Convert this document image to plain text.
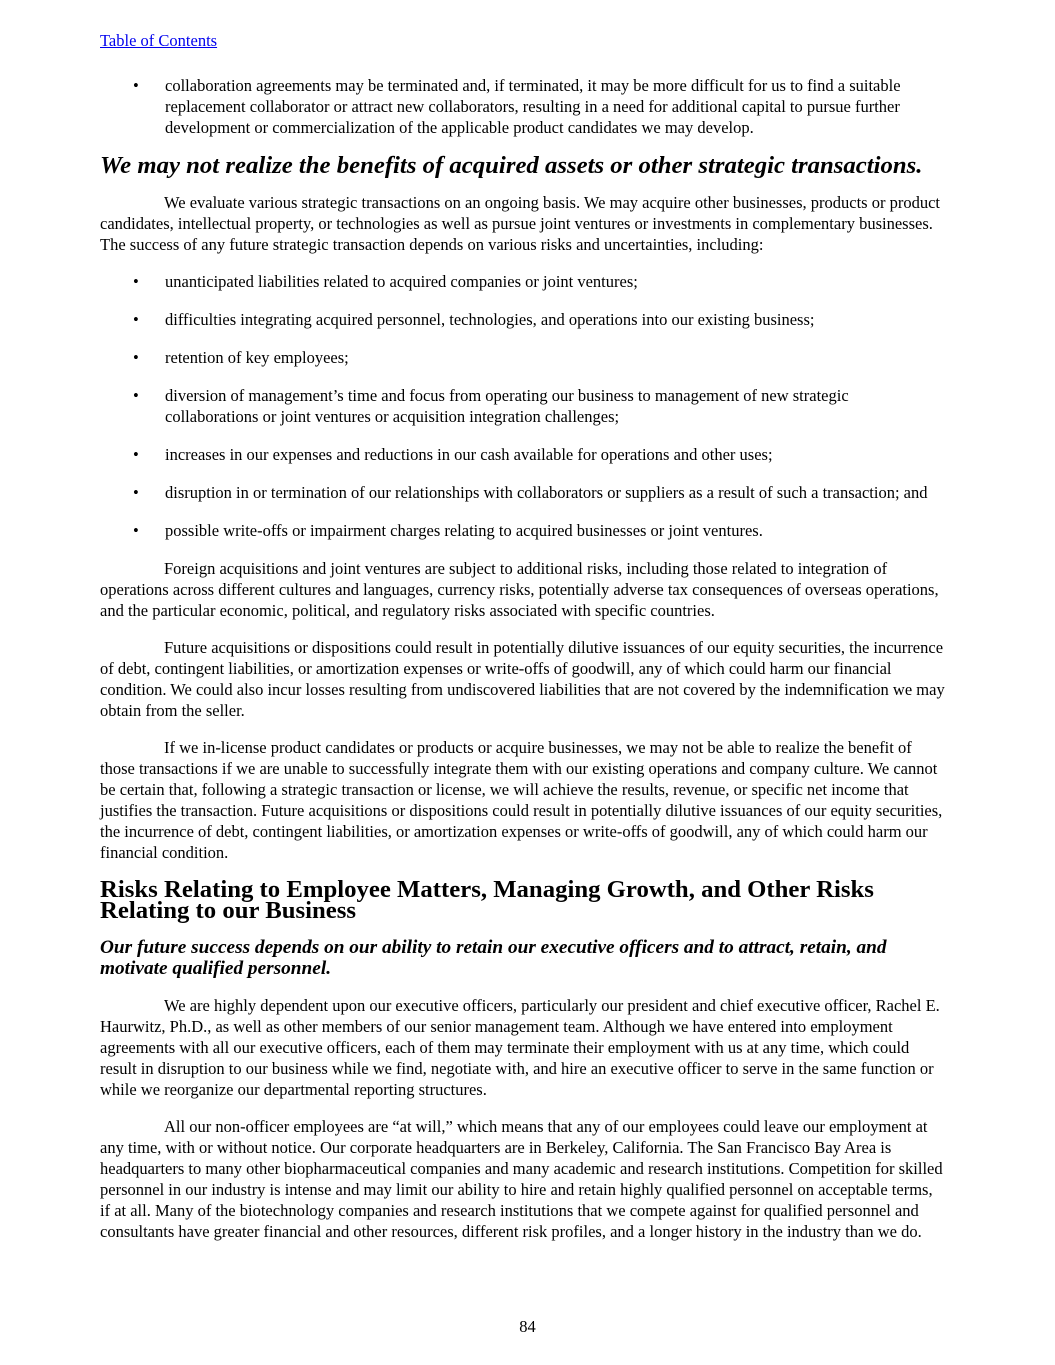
Table of Contents
•	collaboration agreements may be terminated and, if terminated, it may be more difficult for us to find a suitable replacement collaborator or attract new collaborators, resulting in a need for additional capital to pursue further development or commercialization of the applicable product candidates we may develop.
We may not realize the benefits of acquired assets or other strategic transactions.

We evaluate various strategic transactions on an ongoing basis. We may acquire other businesses, products or product candidates, intellectual property, or technologies as well as pursue joint ventures or investments in complementary businesses. The success of any future strategic transaction depends on various risks and uncertainties, including:

•	unanticipated liabilities related to acquired companies or joint ventures;
•	difficulties integrating acquired personnel, technologies, and operations into our existing business;
•	retention of key employees;
•	diversion of management’s time and focus from operating our business to management of new strategic collaborations or joint ventures or acquisition integration challenges;
•	increases in our expenses and reductions in our cash available for operations and other uses;
•	disruption in or termination of our relationships with collaborators or suppliers as a result of such a transaction; and
•	possible write-offs or impairment charges relating to acquired businesses or joint ventures.

Foreign acquisitions and joint ventures are subject to additional risks, including those related to integration of operations across different cultures and languages, currency risks, potentially adverse tax consequences of overseas operations, and the particular economic, political, and regulatory risks associated with specific countries.

Future acquisitions or dispositions could result in potentially dilutive issuances of our equity securities, the incurrence of debt, contingent liabilities, or amortization expenses or write-offs of goodwill, any of which could harm our financial condition. We could also incur losses resulting from undiscovered liabilities that are not covered by the indemnification we may obtain from the seller.

If we in-license product candidates or products or acquire businesses, we may not be able to realize the benefit of those transactions if we are unable to successfully integrate them with our existing operations and company culture. We cannot be certain that, following a strategic transaction or license, we will achieve the results, revenue, or specific net income that justifies the transaction. Future acquisitions or dispositions could result in potentially dilutive issuances of our equity securities, the incurrence of debt, contingent liabilities, or amortization expenses or write-offs of goodwill, any of which could harm our financial condition.

Risks Relating to Employee Matters, Managing Growth, and Other Risks Relating to our Business
Our future success depends on our ability to retain our executive officers and to attract, retain, and motivate qualified personnel.

We are highly dependent upon our executive officers, particularly our president and chief executive officer, Rachel E. Haurwitz, Ph.D., as well as other members of our senior management team. Although we have entered into employment agreements with all our executive officers, each of them may terminate their employment with us at any time, which could result in disruption to our business while we find, negotiate with, and hire an executive officer to serve in the same function or while we reorganize our departmental reporting structures.

All our non-officer employees are “at will,” which means that any of our employees could leave our employment at any time, with or without notice. Our corporate headquarters are in Berkeley, California. The San Francisco Bay Area is headquarters to many other biopharmaceutical companies and many academic and research institutions. Competition for skilled personnel in our industry is intense and may limit our ability to hire and retain highly qualified personnel on acceptable terms, if at all. Many of the biotechnology companies and research institutions that we compete against for qualified personnel and consultants have greater financial and other resources, different risk profiles, and a longer history in the industry than we do.

84
